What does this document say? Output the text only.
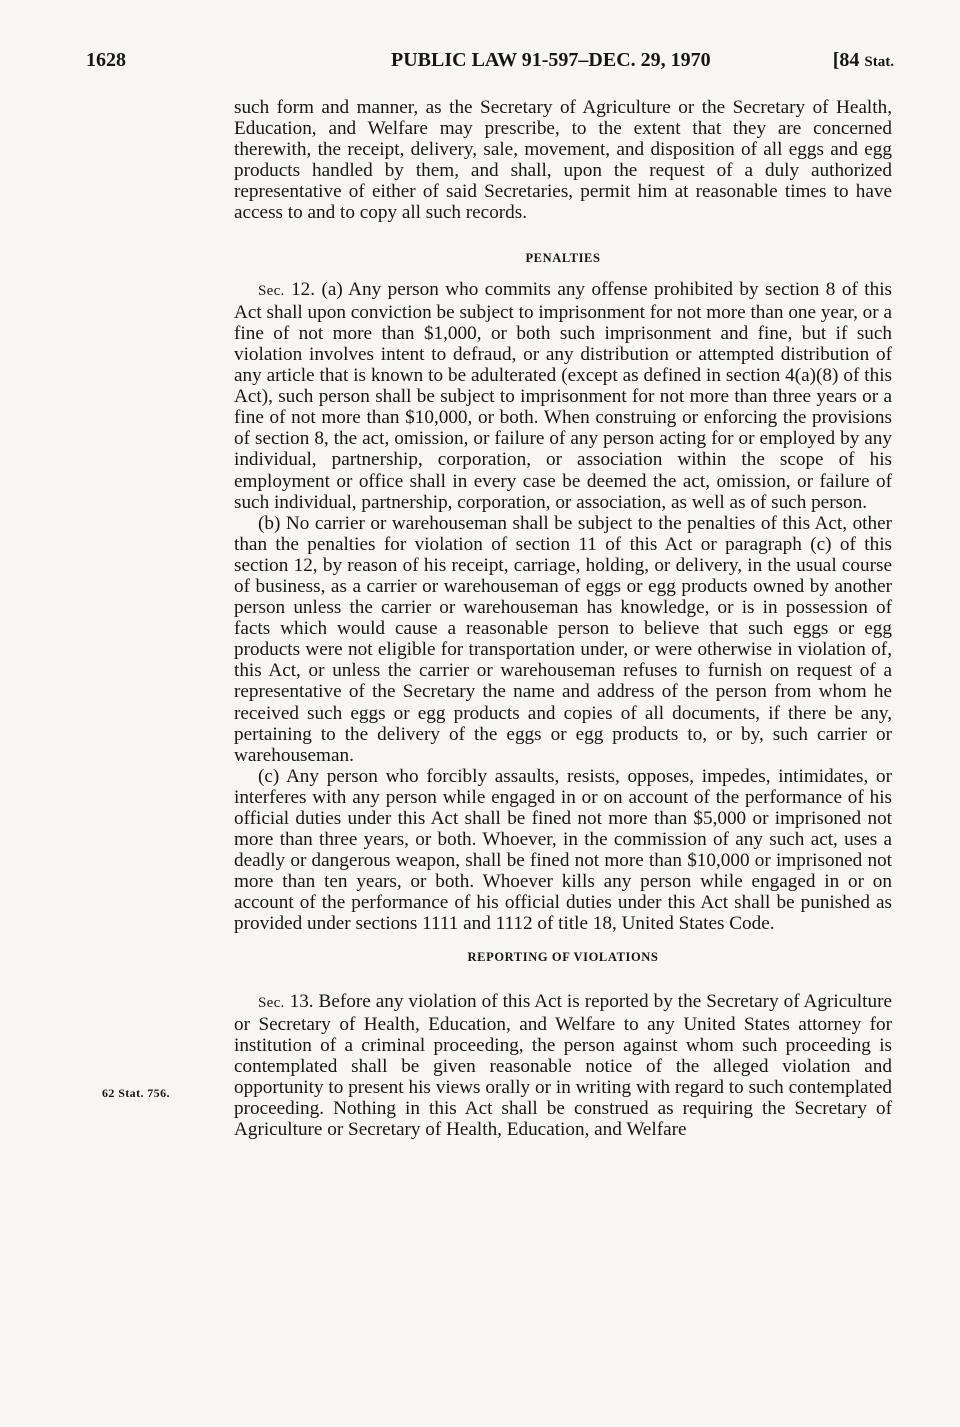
1628	PUBLIC LAW 91-597–DEC. 29, 1970	[84 Stat.

such form and manner, as the Secretary of Agriculture or the Secretary of Health, Education, and Welfare may prescribe, to the extent that they are concerned therewith, the receipt, delivery, sale, movement, and disposition of all eggs and egg products handled by them, and shall, upon the request of a duly authorized representative of either of said Secretaries, permit him at reasonable times to have access to and to copy all such records.

PENALTIES

Sec. 12. (a) Any person who commits any offense prohibited by section 8 of this Act shall upon conviction be subject to imprisonment for not more than one year, or a fine of not more than $1,000, or both such imprisonment and fine, but if such violation involves intent to defraud, or any distribution or attempted distribution of any article that is known to be adulterated (except as defined in section 4(a)(8) of this Act), such person shall be subject to imprisonment for not more than three years or a fine of not more than $10,000, or both. When construing or enforcing the provisions of section 8, the act, omission, or failure of any person acting for or employed by any individual, partnership, corporation, or association within the scope of his employment or office shall in every case be deemed the act, omission, or failure of such individual, partnership, corporation, or association, as well as of such person.

(b) No carrier or warehouseman shall be subject to the penalties of this Act, other than the penalties for violation of section 11 of this Act or paragraph (c) of this section 12, by reason of his receipt, carriage, holding, or delivery, in the usual course of business, as a carrier or warehouseman of eggs or egg products owned by another person unless the carrier or warehouseman has knowledge, or is in possession of facts which would cause a reasonable person to believe that such eggs or egg products were not eligible for transportation under, or were otherwise in violation of, this Act, or unless the carrier or warehouseman refuses to furnish on request of a representative of the Secretary the name and address of the person from whom he received such eggs or egg products and copies of all documents, if there be any, pertaining to the delivery of the eggs or egg products to, or by, such carrier or warehouseman.

(c) Any person who forcibly assaults, resists, opposes, impedes, intimidates, or interferes with any person while engaged in or on account of the performance of his official duties under this Act shall be fined not more than $5,000 or imprisoned not more than three years, or both. Whoever, in the commission of any such act, uses a deadly or dangerous weapon, shall be fined not more than $10,000 or imprisoned not more than ten years, or both. Whoever kills any person while engaged in or on account of the performance of his official duties under this Act shall be punished as provided under sections 1111 and 1112 of title 18, United States Code.

REPORTING OF VIOLATIONS

Sec. 13. Before any violation of this Act is reported by the Secretary of Agriculture or Secretary of Health, Education, and Welfare to any United States attorney for institution of a criminal proceeding, the person against whom such proceeding is contemplated shall be given reasonable notice of the alleged violation and opportunity to present his views orally or in writing with regard to such contemplated proceeding. Nothing in this Act shall be construed as requiring the Secretary of Agriculture or Secretary of Health, Education, and Welfare

62 Stat. 756.
